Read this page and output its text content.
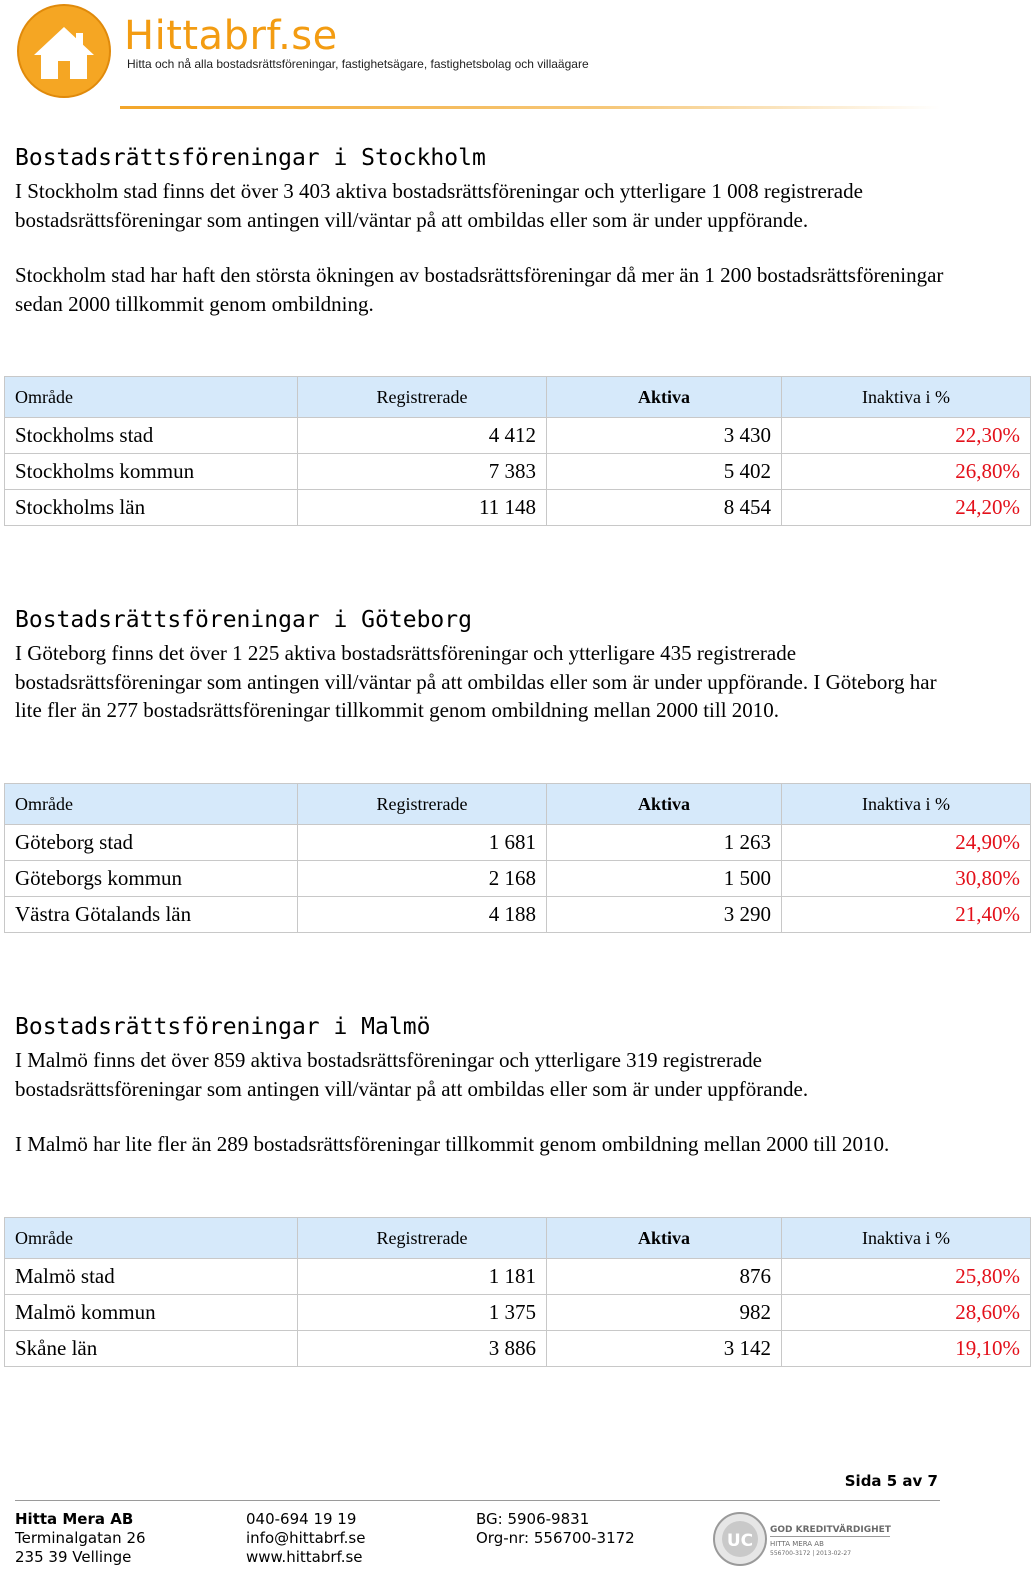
Hittabrf.se
Hitta och nå alla bostadsrättsföreningar, fastighetsägare, fastighetsbolag och villaägare
Bostadsrättsföreningar i Stockholm

I Stockholm stad finns det över 3 403 aktiva bostadsrättsföreningar och ytterligare 1 008 registrerade bostadsrättsföreningar som antingen vill/väntar på att ombildas eller som är under uppförande.

Stockholm stad har haft den största ökningen av bostadsrättsföreningar då mer än 1 200 bostadsrättsföreningar sedan 2000 tillkommit genom ombildning.

Område	Registrerade	Aktiva	Inaktiva i %
Stockholms stad	4 412	3 430	22,30%
Stockholms kommun	7 383	5 402	26,80%
Stockholms län	11 148	8 454	24,20%
Bostadsrättsföreningar i Göteborg

I Göteborg finns det över 1 225 aktiva bostadsrättsföreningar och ytterligare 435 registrerade bostadsrättsföreningar som antingen vill/väntar på att ombildas eller som är under uppförande. I Göteborg har lite fler än 277 bostadsrättsföreningar tillkommit genom ombildning mellan 2000 till 2010.

Område	Registrerade	Aktiva	Inaktiva i %
Göteborg stad	1 681	1 263	24,90%
Göteborgs kommun	2 168	1 500	30,80%
Västra Götalands län	4 188	3 290	21,40%
Bostadsrättsföreningar i Malmö

I Malmö finns det över 859 aktiva bostadsrättsföreningar och ytterligare 319 registrerade bostadsrättsföreningar som antingen vill/väntar på att ombildas eller som är under uppförande.

I Malmö har lite fler än 289 bostadsrättsföreningar tillkommit genom ombildning mellan 2000 till 2010.

Område	Registrerade	Aktiva	Inaktiva i %
Malmö stad	1 181	876	25,80%
Malmö kommun	1 375	982	28,60%
Skåne län	3 886	3 142	19,10%
Sida 5 av 7
Hitta Mera AB
Terminalgatan 26
235 39 Vellinge
040-694 19 19
info@hittabrf.se
www.hittabrf.se
BG: 5906-9831
Org-nr: 556700-3172	UC
GOD KREDITVÄRDIGHET
HITTA MERA AB
556700-3172 | 2013-02-27
